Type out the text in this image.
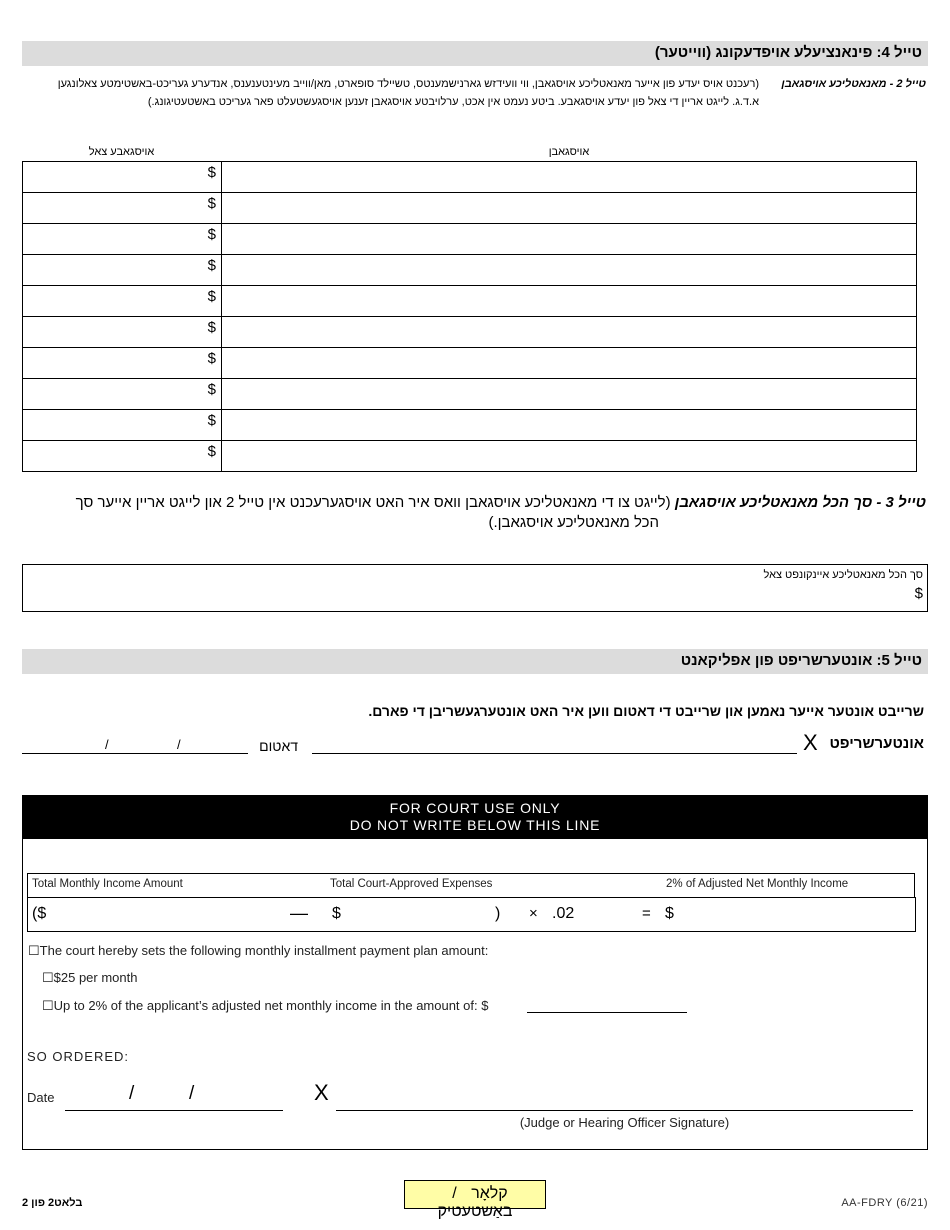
טייל 4: פינאנציעלע אויפדעקונג (ווייטער)
טייל 2 - מאנאטליכע אויסגאבן
(רעכנט אויס יעדע פון אייער מאנאטליכע אויסגאבן, ווי וועידזש גארנישמענטס, טשיילד סופארט, מאן/ווייב מעינטענענס, אנדערע געריכט-באשטימטע צאלונגען
א.ד.ג. לייגט אריין די צאל פון יעדע אויסגאבע. ביטע נעמט אין אכט, ערלויבטע אויסגאבן זענען אויסגעשטעלט פאר געריכט באשטעטיגונג.)
אויסגאבע צאל	אויסגאבן
$	
$	
$	
$	
$	
$	
$	
$	
$	
$	
טייל 3 - סך הכל מאנאטליכע אויסגאבן (לייגט צו די מאנאטליכע אויסגאבן וואס איר האט אויסגערעכנט אין טייל 2 און לייגט אריין אייער סך
הכל מאנאטליכע אויסגאבן.)
סך הכל מאנאטליכע איינקונפט צאל
$
טייל 5: אונטערשריפט פון אפליקאנט
שרייבט אונטער אייער נאמען און שרייבט די דאטום ווען איר האט אונטערגעשריבן די פארם.
אונטערשריפט
X
דאטום
/	/
FOR COURT USE ONLY
DO NOT WRITE BELOW THIS LINE
Total Monthly Income Amount	Total Court-Approved Expenses	2% of Adjusted Net Monthly Income
($	— $	) × .02	= $
☐The court hereby sets the following monthly installment payment plan amount:
☐$25 per month
☐Up to 2% of the applicant’s adjusted net monthly income in the amount of: $
SO ORDERED:
Date	/	/	X
(Judge or Hearing Officer Signature)
בלאט2 פון 2
קלאָר / באַשטעטיק	AA-FDRY (6/21)
